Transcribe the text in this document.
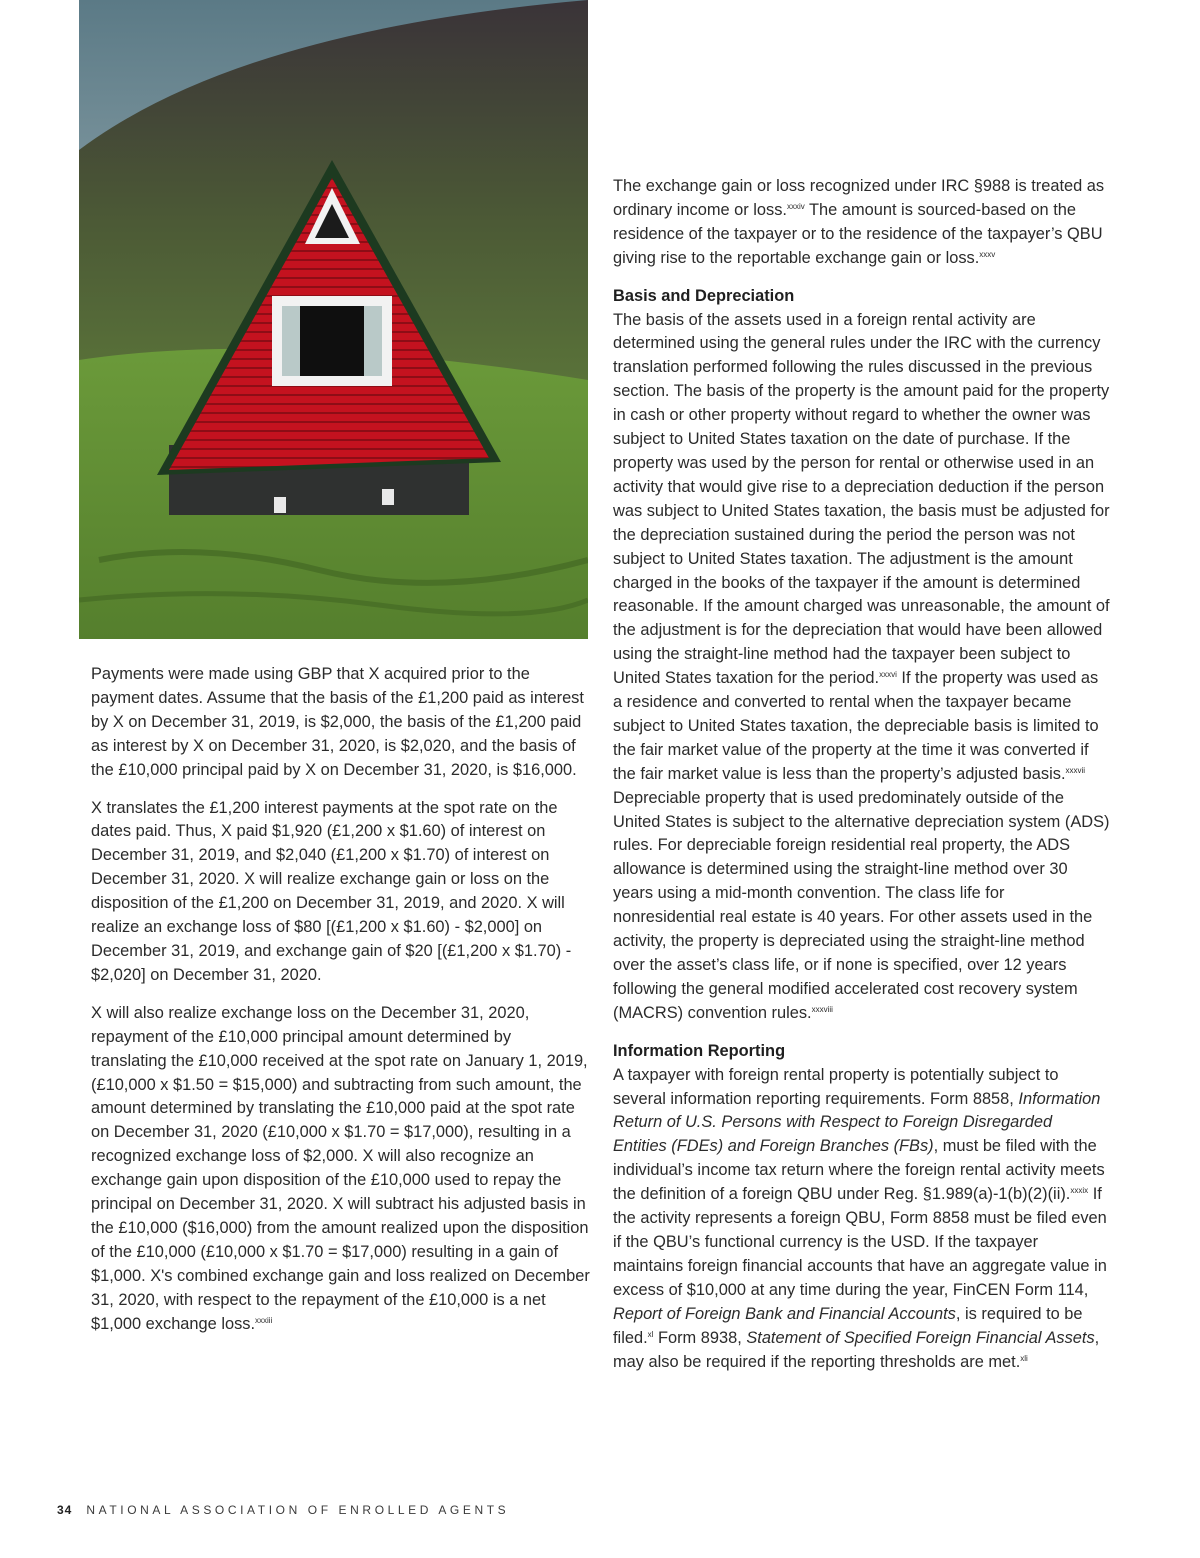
Payments were made using GBP that X acquired prior to the payment dates. Assume that the basis of the £1,200 paid as interest by X on December 31, 2019, is $2,000, the basis of the £1,200 paid as interest by X on December 31, 2020, is $2,020, and the basis of the £10,000 principal paid by X on December 31, 2020, is $16,000.

X translates the £1,200 interest payments at the spot rate on the dates paid. Thus, X paid $1,920 (£1,200 x $1.60) of interest on December 31, 2019, and $2,040 (£1,200 x $1.70) of interest on December 31, 2020. X will realize exchange gain or loss on the disposition of the £1,200 on December 31, 2019, and 2020. X will realize an exchange loss of $80 [(£1,200 x $1.60) - $2,000] on December 31, 2019, and exchange gain of $20 [(£1,200 x $1.70) - $2,020] on December 31, 2020.

X will also realize exchange loss on the December 31, 2020, repayment of the £10,000 principal amount determined by translating the £10,000 received at the spot rate on January 1, 2019, (£10,000 x $1.50 = $15,000) and subtracting from such amount, the amount determined by translating the £10,000 paid at the spot rate on December 31, 2020 (£10,000 x $1.70 = $17,000), resulting in a recognized exchange loss of $2,000. X will also recognize an exchange gain upon disposition of the £10,000 used to repay the principal on December 31, 2020. X will subtract his adjusted basis in the £10,000 ($16,000) from the amount realized upon the disposition of the £10,000 (£10,000 x $1.70 = $17,000) resulting in a gain of $1,000. X's combined exchange gain and loss realized on December 31, 2020, with respect to the repayment of the £10,000 is a net $1,000 exchange loss.$^{xxxiii}$

The exchange gain or loss recognized under IRC §988 is treated as ordinary income or loss.$^{xxxiv}$ The amount is sourced-based on the residence of the taxpayer or to the residence of the taxpayer’s QBU giving rise to the reportable exchange gain or loss.$^{xxxv}$

Basis and Depreciation

The basis of the assets used in a foreign rental activity are determined using the general rules under the IRC with the currency translation performed following the rules discussed in the previous section. The basis of the property is the amount paid for the property in cash or other property without regard to whether the owner was subject to United States taxation on the date of purchase. If the property was used by the person for rental or otherwise used in an activity that would give rise to a depreciation deduction if the person was subject to United States taxation, the basis must be adjusted for the depreciation sustained during the period the person was not subject to United States taxation. The adjustment is the amount charged in the books of the taxpayer if the amount is determined reasonable. If the amount charged was unreasonable, the amount of the adjustment is for the depreciation that would have been allowed using the straight-line method had the taxpayer been subject to United States taxation for the period.$^{xxxvi}$ If the property was used as a residence and converted to rental when the taxpayer became subject to United States taxation, the depreciable basis is limited to the fair market value of the property at the time it was converted if the fair market value is less than the property’s adjusted basis.$^{xxxvii}$ Depreciable property that is used predominately outside of the United States is subject to the alternative depreciation system (ADS) rules. For depreciable foreign residential real property, the ADS allowance is determined using the straight-line method over 30 years using a mid-month convention. The class life for nonresidential real estate is 40 years. For other assets used in the activity, the property is depreciated using the straight-line method over the asset’s class life, or if none is specified, over 12 years following the general modified accelerated cost recovery system (MACRS) convention rules.$^{xxxviii}$

Information Reporting

A taxpayer with foreign rental property is potentially subject to several information reporting requirements. Form 8858, Information Return of U.S. Persons with Respect to Foreign Disregarded Entities (FDEs) and Foreign Branches (FBs), must be filed with the individual’s income tax return where the foreign rental activity meets the definition of a foreign QBU under Reg. §1.989(a)-1(b)(2)(ii).$^{xxxix}$ If the activity represents a foreign QBU, Form 8858 must be filed even if the QBU’s functional currency is the USD. If the taxpayer maintains foreign financial accounts that have an aggregate value in excess of $10,000 at any time during the year, FinCEN Form 114, Report of Foreign Bank and Financial Accounts, is required to be filed.$^{xl}$ Form 8938, Statement of Specified Foreign Financial Assets, may also be required if the reporting thresholds are met.$^{xli}$

34 NATIONAL ASSOCIATION OF ENROLLED AGENTS
